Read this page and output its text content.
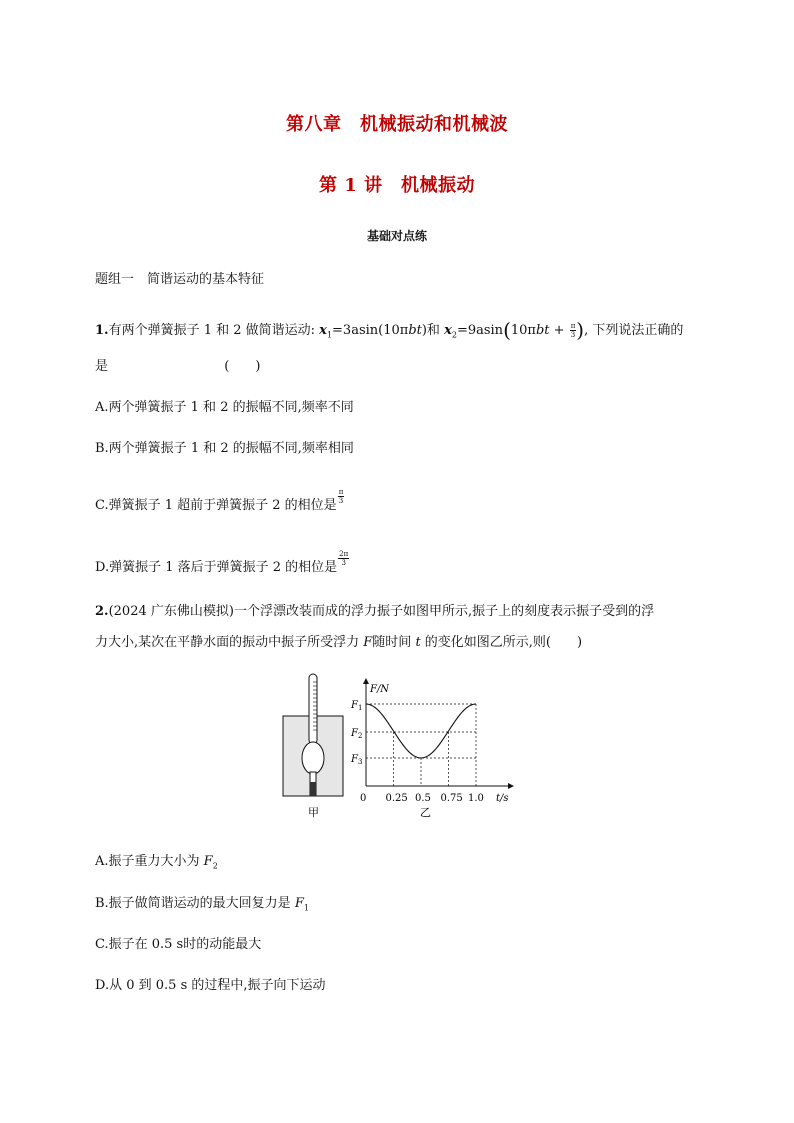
第八章　机械振动和机械波
第 1 讲　机械振动
基础对点练
题组一　简谐运动的基本特征
1.有两个弹簧振子 1 和 2 做简谐运动: $x_1=3asin(10\pi bt)$和 $x_2=9asin(10\pi bt + \frac{\pi}{3}$ ), 下列说法正确的
是	(　　)
A.两个弹簧振子 1 和 2 的振幅不同,频率不同
B.两个弹簧振子 1 和 2 的振幅不同,频率相同
C.弹簧振子 1 超前于弹簧振子 2 的相位是
$\frac{\pi}{3}$
D.弹簧振子 1 落后于弹簧振子 2 的相位是
$\frac{2\pi}{3}$
2.(2024 广东佛山模拟)一个浮漂改装而成的浮力振子如图甲所示,振子上的刻度表示振子受到的浮
力大小,某次在平静水面的振动中振子所受浮力 F随时间 t 的变化如图乙所示,则(　　)
甲
$F_1$
$F_2$
$F_3$
0 0.25 0.5 0.75 1.0
F/N
t/s
乙
A.振子重力大小为 $F_2$
B.振子做简谐运动的最大回复力是 $F_1$
C.振子在 0.5 s时的动能最大
D.从 0 到 0.5 s 的过程中,振子向下运动
